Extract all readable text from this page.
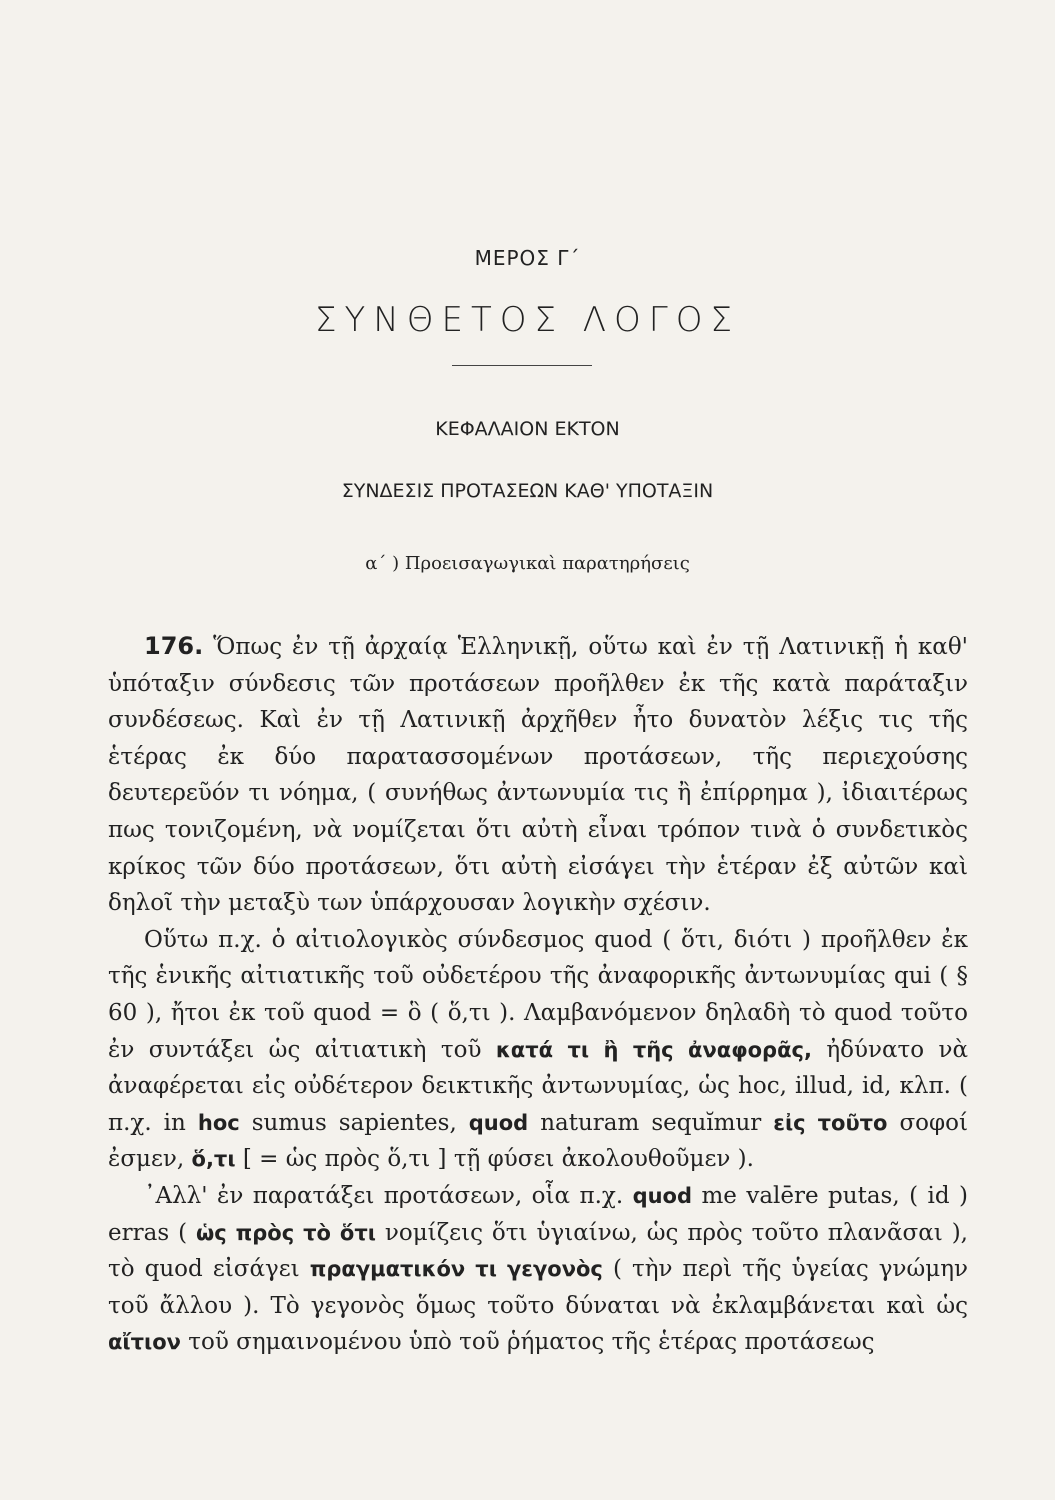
ΜΕΡΟΣ Γ΄
ΣΥΝΘΕΤΟΣ ΛΟΓΟΣ
ΚΕΦΑΛΑΙΟΝ ΕΚΤΟΝ
ΣΥΝΔΕΣΙΣ ΠΡΟΤΑΣΕΩΝ ΚΑΘ' ΥΠΟΤΑΞΙΝ
α΄ ) Προεισαγωγικαὶ παρατηρήσεις

176. Ὅπως ἐν τῇ ἀρχαίᾳ Ἑλληνικῇ, οὕτω καὶ ἐν τῇ Λατινικῇ ἡ καθ' ὑπόταξιν σύνδεσις τῶν προτάσεων προῆλθεν ἐκ τῆς κατὰ παράταξιν συνδέσεως. Καὶ ἐν τῇ Λατινικῇ ἀρχῆθεν ἦτο δυνατὸν λέξις τις τῆς ἑτέρας ἐκ δύο παρατασσομένων προτάσεων, τῆς περιεχούσης δευτερεῦόν τι νόημα, ( συνήθως ἀντωνυμία τις ἢ ἐπίρρημα ), ἰδιαιτέρως πως τονιζομένη, νὰ νομίζεται ὅτι αὐτὴ εἶναι τρόπον τινὰ ὁ συνδετικὸς κρίκος τῶν δύο προτάσεων, ὅτι αὐτὴ εἰσάγει τὴν ἑτέραν ἐξ αὐτῶν καὶ δηλοῖ τὴν μεταξὺ των ὑπάρχουσαν λογικὴν σχέσιν.

Οὕτω π.χ. ὁ αἰτιολογικὸς σύνδεσμος quod ( ὅτι, διότι ) προῆλθεν ἐκ τῆς ἑνικῆς αἰτιατικῆς τοῦ οὐδετέρου τῆς ἀναφορικῆς ἀντωνυμίας qui ( § 60 ), ἤτοι ἐκ τοῦ quod = ὃ ( ὅ,τι ). Λαμβανόμενον δηλαδὴ τὸ quod τοῦτο ἐν συντάξει ὡς αἰτιατικὴ τοῦ κατά τι ἢ τῆς ἀναφορᾶς, ἠδύνατο νὰ ἀναφέρεται εἰς οὐδέτερον δεικτικῆς ἀντωνυμίας, ὡς hoc, illud, id, κλπ. ( π.χ. in hoc sumus sapientes, quod naturam sequĭmur εἰς τοῦτο σοφοί ἐσμεν, ὅ,τι [ = ὡς πρὸς ὅ,τι ] τῇ φύσει ἀκολουθοῦμεν ).

᾿Αλλ' ἐν παρατάξει προτάσεων, οἷα π.χ. quod me valēre putas, ( id ) erras ( ὡς πρὸς τὸ ὅτι νομίζεις ὅτι ὑγιαίνω, ὡς πρὸς τοῦτο πλανᾶσαι ), τὸ quod εἰσάγει πραγματικόν τι γεγονὸς ( τὴν περὶ τῆς ὑγείας γνώμην τοῦ ἄλλου ). Τὸ γεγονὸς ὅμως τοῦτο δύναται νὰ ἐκλαμβάνεται καὶ ὡς αἴτιον τοῦ σημαινομένου ὑπὸ τοῦ ῥήματος τῆς ἑτέρας προτάσεως
